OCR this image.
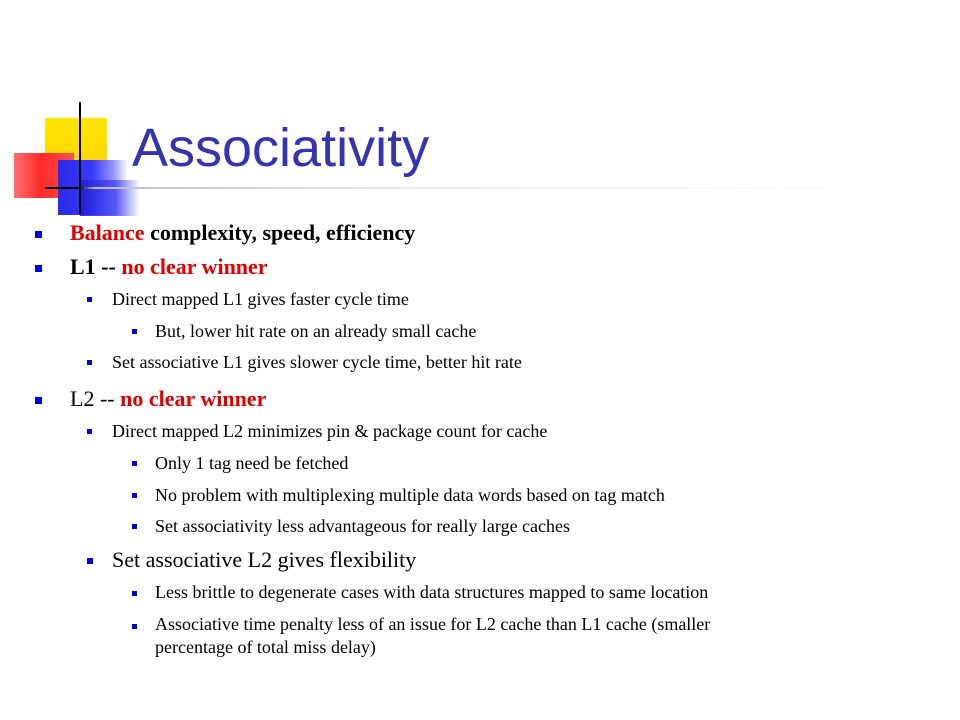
Associativity
Balance complexity, speed, efficiency
L1 -- no clear winner
Direct mapped L1 gives faster cycle time
But, lower hit rate on an already small cache
Set associative L1 gives slower cycle time, better hit rate
L2 -- no clear winner
Direct mapped L2 minimizes pin & package count for cache
Only 1 tag need be fetched
No problem with multiplexing multiple data words based on tag match
Set associativity less advantageous for really large caches
Set associative L2 gives flexibility
Less brittle to degenerate cases with data structures mapped to same location
Associative time penalty less of an issue for L2 cache than L1 cache (smaller
percentage of total miss delay)
